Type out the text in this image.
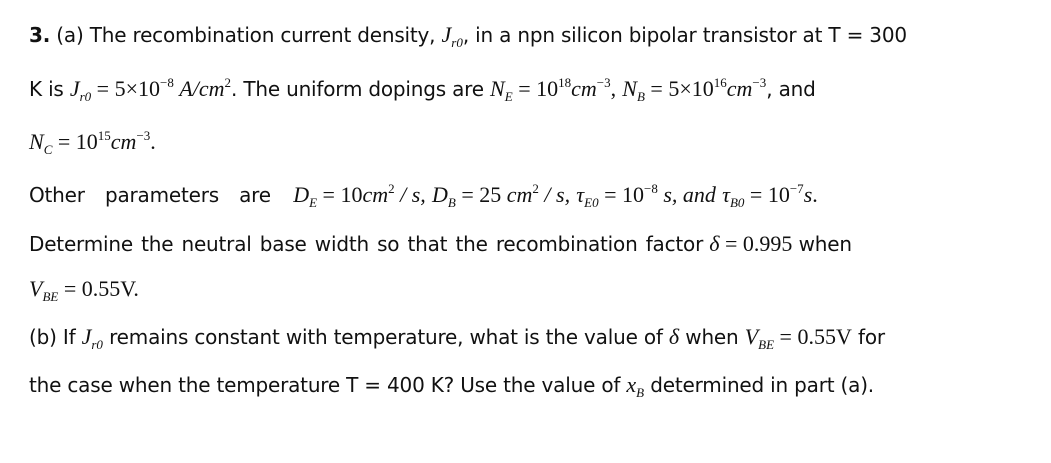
3. (a) The recombination current density, $J_{r0}$, in a npn silicon bipolar transistor at T = 300
K is $J_{r0} = 5\times 10^{-8}$ $A/cm^2$. The uniform dopings are $N_E = 10^{18}cm^{-3}$, $N_B = 5\times 10^{16}cm^{-3}$, and
$N_C = 10^{15}cm^{-3}$.
Other parameters are $D_E = 10cm^2 / s$, $D_B = 25$ $cm^2$ / s, $\tau_{E0} = 10^{-8}$ s, and $\tau_{B0} = 10^{-7}s$.
Determine the neutral base width so that the recombination factor δ = 0.995 when
$V_{BE} = 0.55V$.
(b) If $J_{r0}$ remains constant with temperature, what is the value of δ when $V_{BE} = 0.55V$ for
the case when the temperature T = 400 K? Use the value of $x_B$ determined in part (a).
